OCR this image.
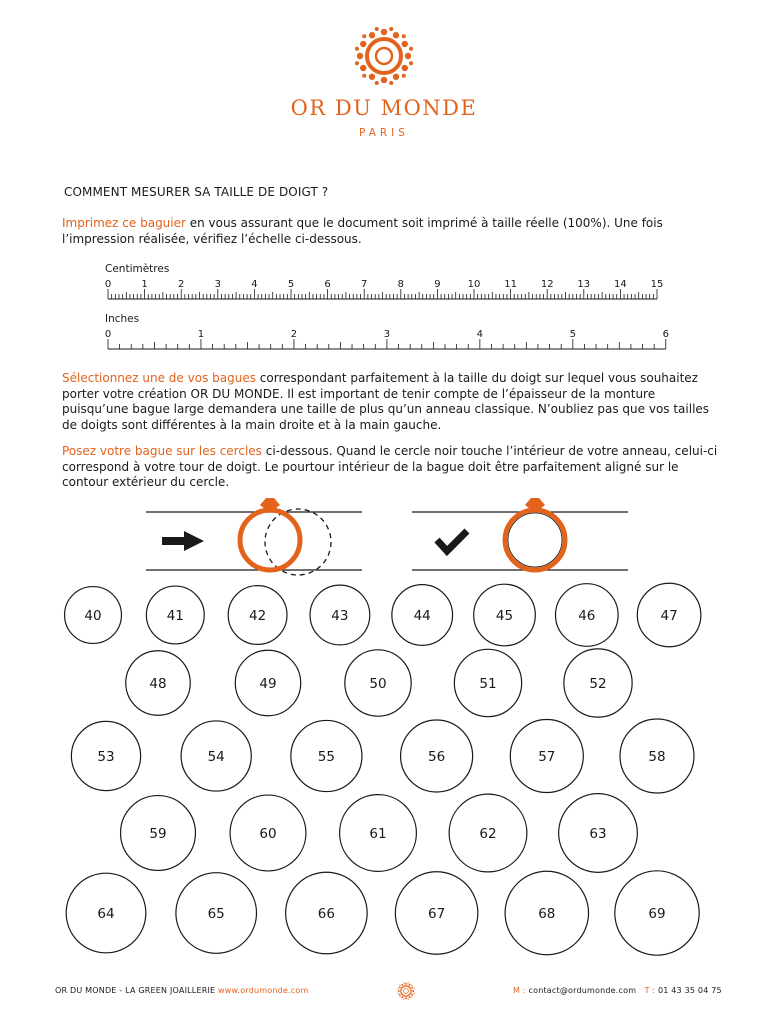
OR DU MONDE
PARIS
COMMENT MESURER SA TAILLE DE DOIGT ?
Imprimez ce baguier en vous assurant que le document soit imprimé à taille réelle (100%). Une fois l’impression réalisée, vérifiez l’échelle ci-dessous.
Centimètres
Inches
0	1	2	3	4	5	6	7	8	9	10 11 12 13 14 15
0	1	2	3	4	5	6
Sélectionnez une de vos bagues correspondant parfaitement à la taille du doigt sur lequel vous souhaitez porter votre création OR DU MONDE. Il est important de tenir compte de l’épaisseur de la monture puisqu’une bague large demandera une taille de plus qu’un anneau classique. N’oubliez pas que vos tailles de doigts sont différentes à la main droite et à la main gauche.
Posez votre bague sur les cercles ci-dessous. Quand le cercle noir touche l’intérieur de votre anneau, celui-ci correspond à votre tour de doigt. Le pourtour intérieur de la bague doit être parfaitement aligné sur le contour extérieur du cercle.
40	41	42	43	44	45	46	47
48	49	50	51	52
53	54	55	56	57	58
59	60	61	62	63
64	65	66	67	68	69
OR DU MONDE - LA GREEN JOAILLERIE www.ordumonde.com	M : contact@ordumonde.com T : 01 43 35 04 75
